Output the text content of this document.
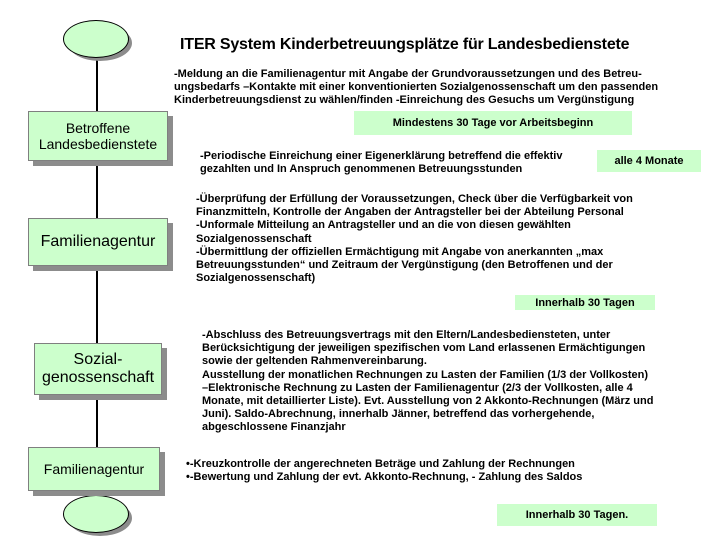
ITER System Kinderbetreuungsplätze für Landesbedienstete
Betroffene
Landesbedienstete
Familienagentur
Sozial-
genossenschaft
Familienagentur
-Meldung an die Familienagentur mit Angabe der Grundvoraussetzungen und des Betreu-
ungsbedarfs –Kontakte mit einer konventionierten Sozialgenossenschaft um den passenden
Kinderbetreuungsdienst zu wählen/finden -Einreichung des Gesuchs um Vergünstigung
-Periodische Einreichung einer Eigenerklärung betreffend die effektiv
gezahlten und In Anspruch genommenen Betreuungsstunden
-Überprüfung der Erfüllung der Voraussetzungen, Check über die Verfügbarkeit von
Finanzmitteln, Kontrolle der Angaben der Antragsteller bei der Abteilung Personal
-Unformale Mitteilung an Antragsteller und an die von diesen gewählten
Sozialgenossenschaft
-Übermittlung der offiziellen Ermächtigung mit Angabe von anerkannten „max
Betreuungsstunden“ und Zeitraum der Vergünstigung (den Betroffenen und der
Sozialgenossenschaft)
-Abschluss des Betreuungsvertrags mit den Eltern/Landesbediensteten, unter
Berücksichtigung der jeweiligen spezifischen vom Land erlassenen Ermächtigungen
sowie der geltenden Rahmenvereinbarung.
Ausstellung der monatlichen Rechnungen zu Lasten der Familien (1/3 der Vollkosten)
–Elektronische Rechnung zu Lasten der Familienagentur (2/3 der Vollkosten, alle 4
Monate, mit detaillierter Liste). Evt. Ausstellung von 2 Akkonto-Rechnungen (März und
Juni). Saldo-Abrechnung, innerhalb Jänner, betreffend das vorhergehende,
abgeschlossene Finanzjahr
•-Kreuzkontrolle der angerechneten Beträge und Zahlung der Rechnungen
•-Bewertung und Zahlung der evt. Akkonto-Rechnung, - Zahlung des Saldos
Mindestens 30 Tage vor Arbeitsbeginn
alle 4 Monate
Innerhalb 30 Tagen
Innerhalb 30 Tagen.
